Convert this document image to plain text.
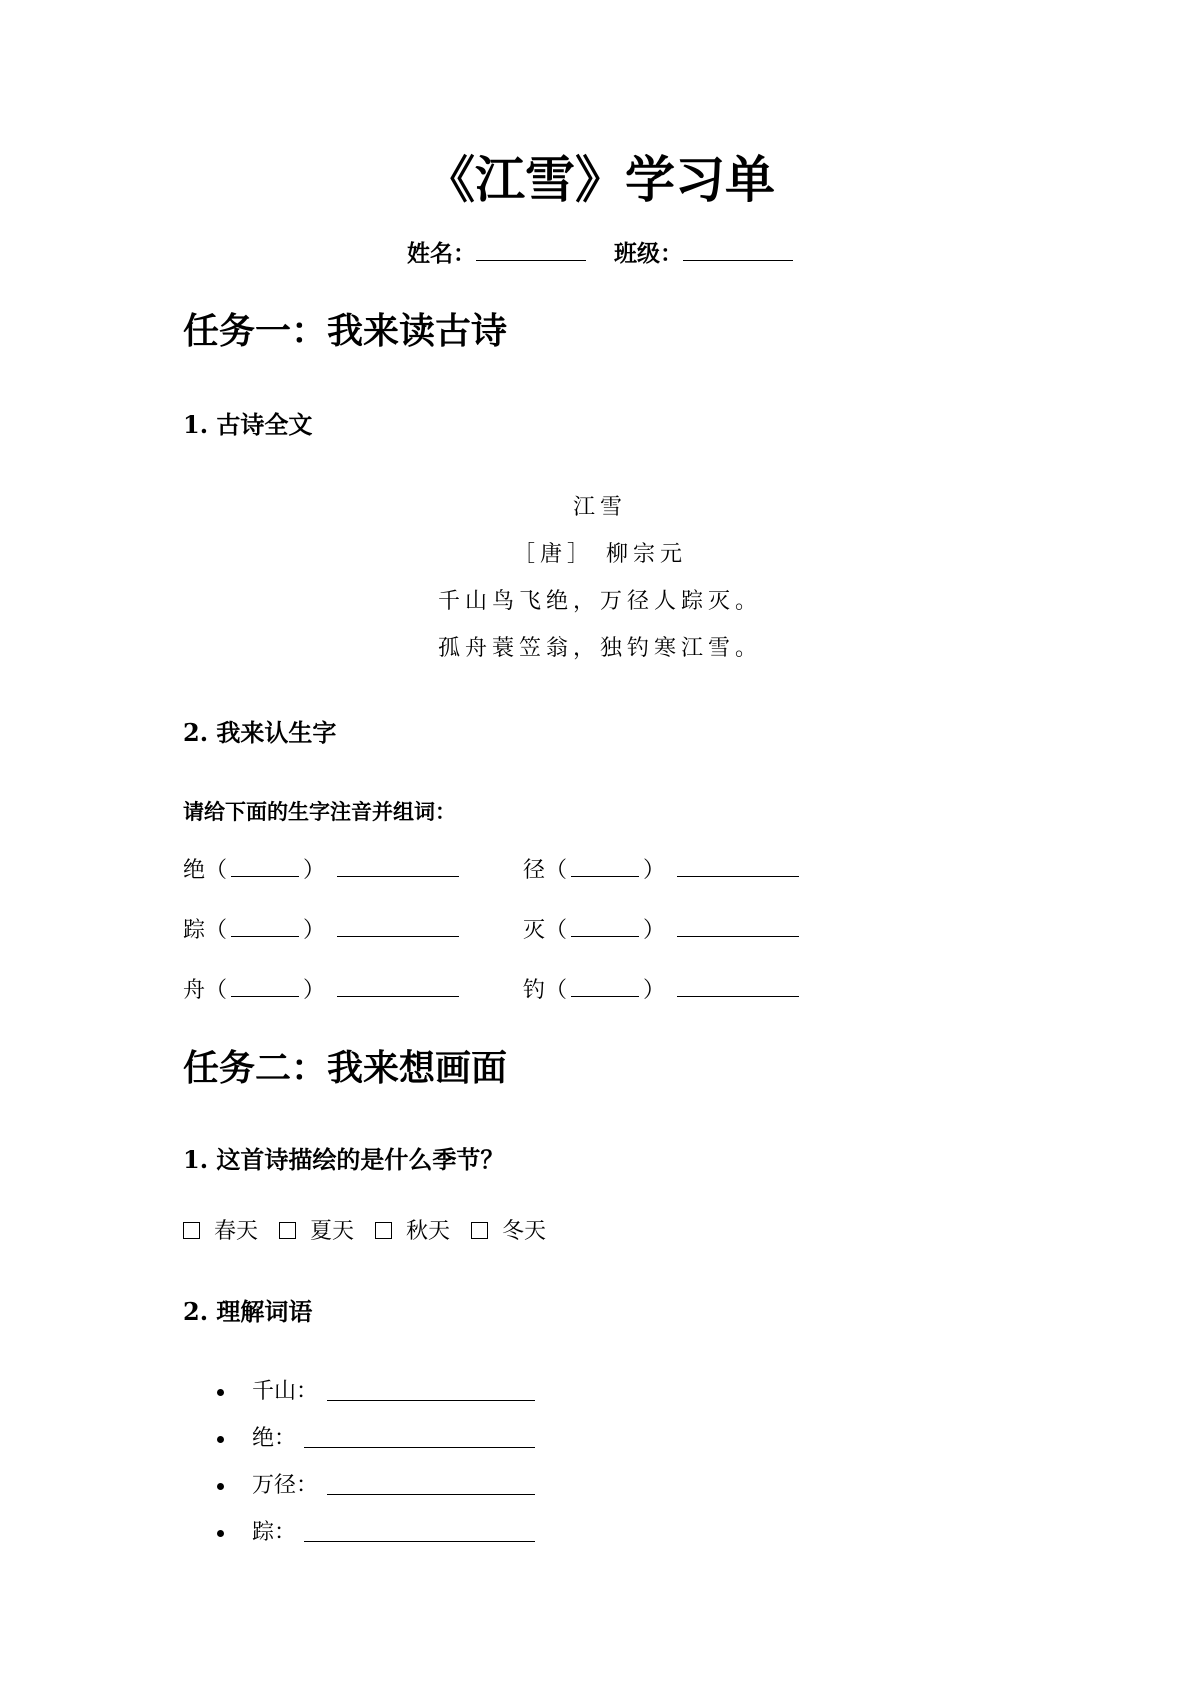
《江雪》学习单
姓名：	班级：
任务一：我来读古诗
1. 古诗全文
江雪
［唐］ 柳宗元
千山鸟飞绝，万径人踪灭。
孤舟蓑笠翁，独钓寒江雪。
2. 我来认生字
请给下面的生字注音并组词：
绝（	）	径（	）
踪（	）	灭（	）
舟（	）	钓（	）
任务二：我来想画面
1. 这首诗描绘的是什么季节？
春天 夏天 秋天 冬天
2. 理解词语
千山：
绝：
万径：
踪：
